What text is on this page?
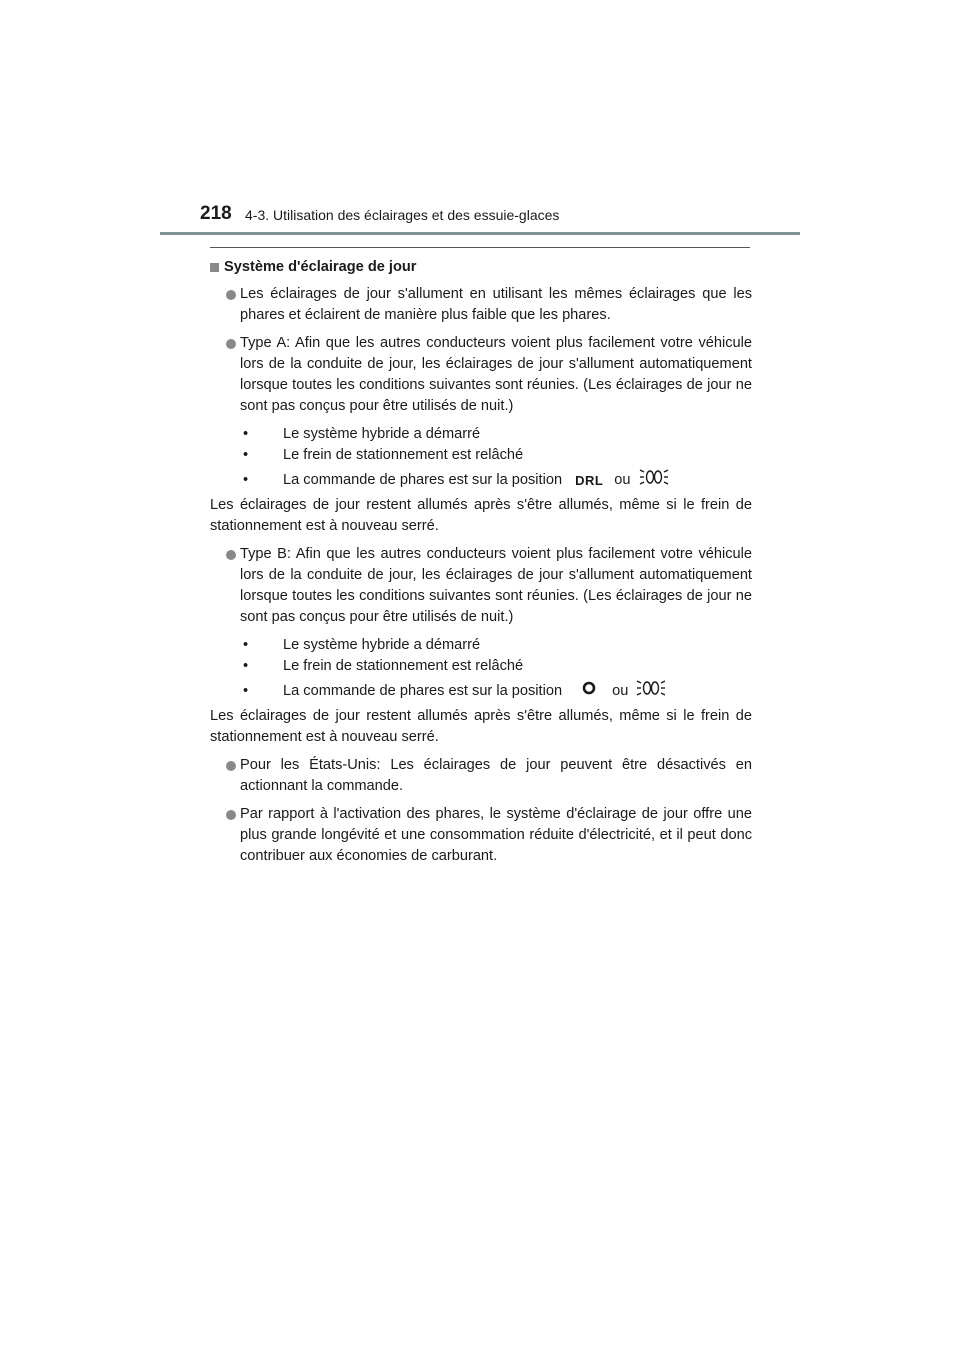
218 4-3. Utilisation des éclairages et des essuie-glaces
Système d'éclairage de jour
Les éclairages de jour s'allument en utilisant les mêmes éclairages que les phares et éclairent de manière plus faible que les phares.
Type A: Afin que les autres conducteurs voient plus facilement votre véhicule lors de la conduite de jour, les éclairages de jour s'allument automatiquement lorsque toutes les conditions suivantes sont réunies. (Les éclairages de jour ne sont pas conçus pour être utilisés de nuit.)
• Le système hybride a démarré
• Le frein de stationnement est relâché
• La commande de phares est sur la position DRL ou
Les éclairages de jour restent allumés après s'être allumés, même si le frein de stationnement est à nouveau serré.
Type B: Afin que les autres conducteurs voient plus facilement votre véhicule lors de la conduite de jour, les éclairages de jour s'allument automatiquement lorsque toutes les conditions suivantes sont réunies. (Les éclairages de jour ne sont pas conçus pour être utilisés de nuit.)
• Le système hybride a démarré
• Le frein de stationnement est relâché
• La commande de phares est sur la position	ou
Les éclairages de jour restent allumés après s'être allumés, même si le frein de stationnement est à nouveau serré.
Pour les États-Unis: Les éclairages de jour peuvent être désactivés en actionnant la commande.
Par rapport à l'activation des phares, le système d'éclairage de jour offre une plus grande longévité et une consommation réduite d'électricité, et il peut donc contribuer aux économies de carburant.
